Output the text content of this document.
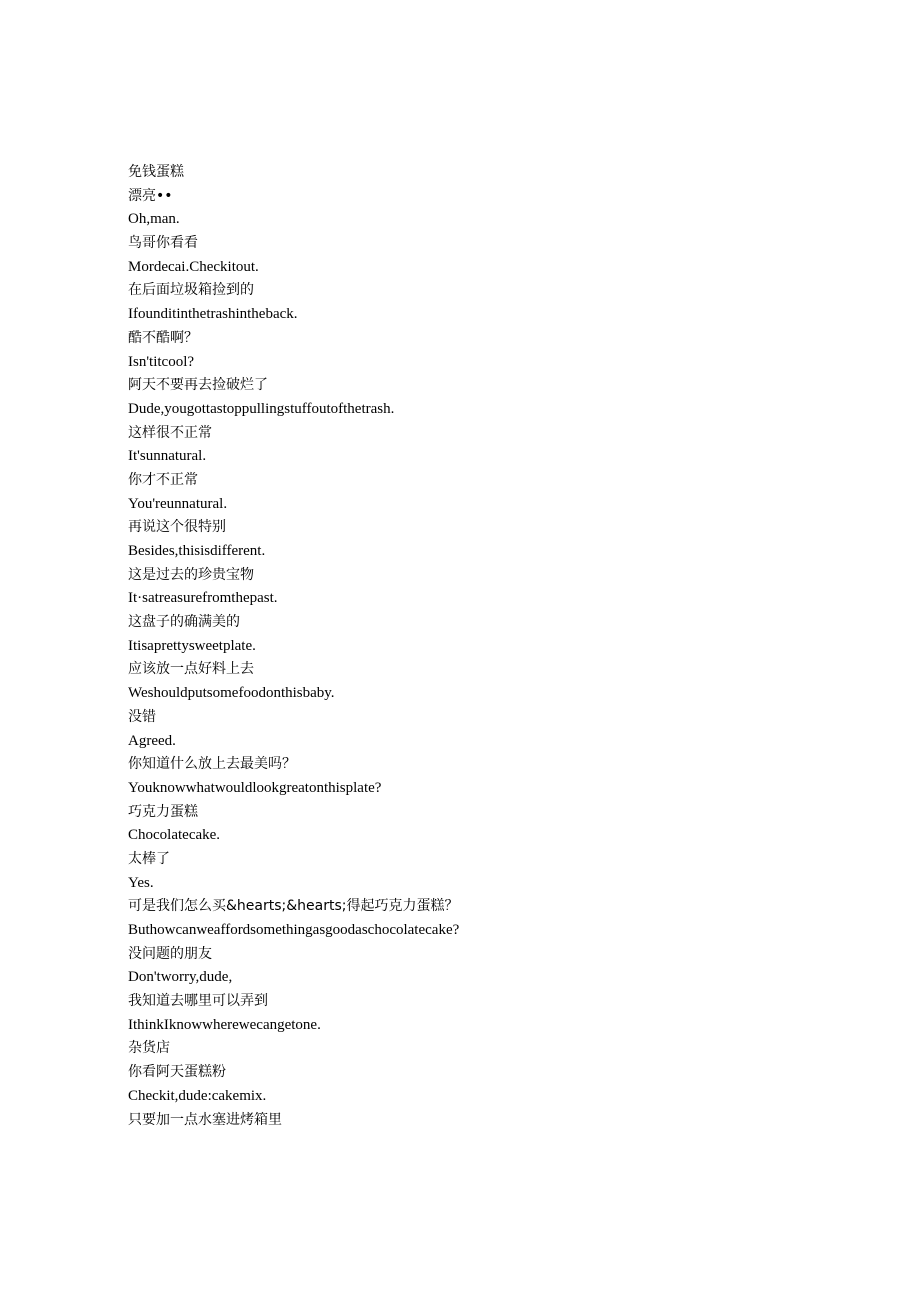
免钱蛋糕
漂亮••
Oh,man.
鸟哥你看看
Mordecai.Checkitout.
在后面垃圾箱捡到的
Ifounditinthetrashintheback.
酷不酷啊？
Isn'titcool?
阿天不要再去捡破烂了
Dude,yougottastoppullingstuffoutofthetrash.
这样很不正常
It'sunnatural.
你才不正常
You'reunnatural.
再说这个很特别
Besides,thisisdifferent.
这是过去的珍贵宝物
It·satreasurefromthepast.
这盘子的确满美的
Itisaprettysweetplate.
应该放一点好料上去
Weshouldputsomefoodonthisbaby.
没错
Agreed.
你知道什么放上去最美吗？
Youknowwhatwouldlookgreatonthisplate?
巧克力蛋糕
Chocolatecake.
太棒了
Yes.
可是我们怎么买&hearts;&hearts;得起巧克力蛋糕？
Buthowcanweaffordsomethingasgoodaschocolatecake?
没问题的朋友
Don'tworry,dude,
我知道去哪里可以弄到
IthinkIknowwherewecangetone.
杂货店
你看阿天蛋糕粉
Checkit,dude:cakemix.
只要加一点水塞进烤箱里
